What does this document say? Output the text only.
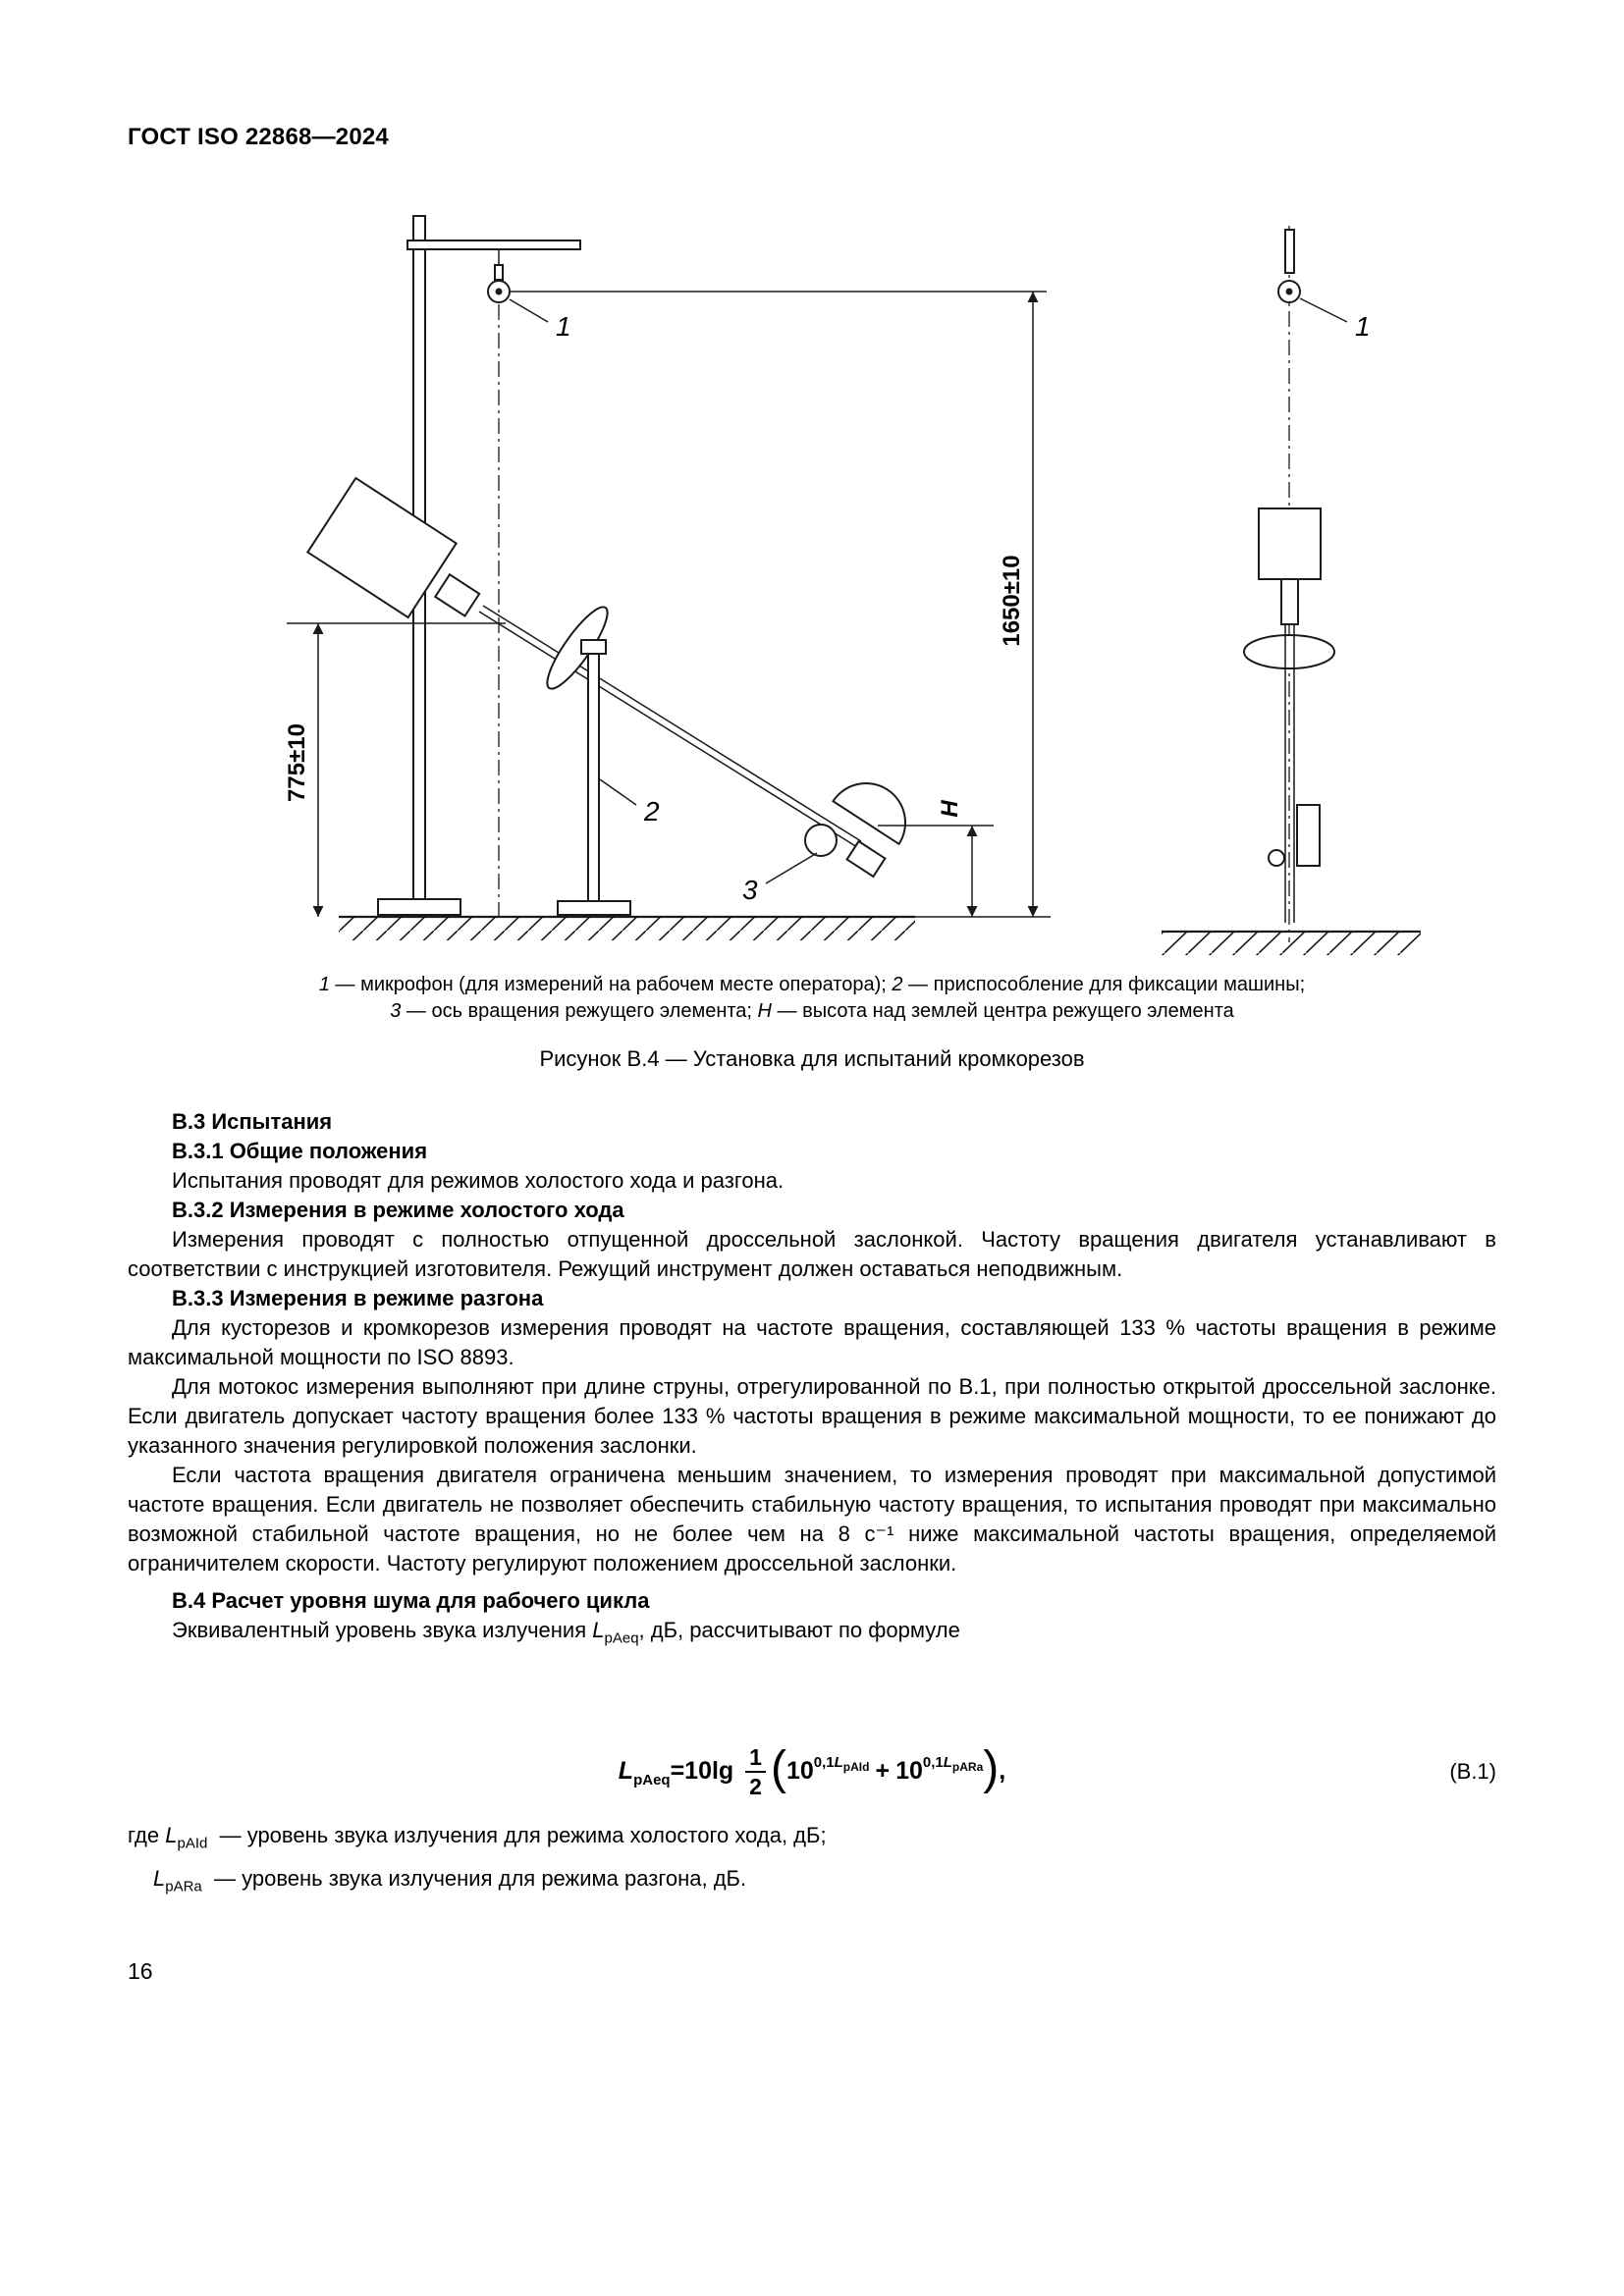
ГОСТ ISO 22868—2024
1
2
3
1650±10
775±10
H
1
1 — микрофон (для измерений на рабочем месте оператора); 2 — приспособление для фиксации машины;
3 — ось вращения режущего элемента; H — высота над землей центра режущего элемента
Рисунок В.4 — Установка для испытаний кромкорезов

В.3 Испытания

В.3.1 Общие положения

Испытания проводят для режимов холостого хода и разгона.

В.3.2 Измерения в режиме холостого хода

Измерения проводят с полностью отпущенной дроссельной заслонкой. Частоту вращения двигателя устанавливают в соответствии с инструкцией изготовителя. Режущий инструмент должен оставаться неподвижным.

В.3.3 Измерения в режиме разгона

Для кусторезов и кромкорезов измерения проводят на частоте вращения, составляющей 133 % частоты вращения в режиме максимальной мощности по ISO 8893.

Для мотокос измерения выполняют при длине струны, отрегулированной по В.1, при полностью открытой дроссельной заслонке. Если двигатель допускает частоту вращения более 133 % частоты вращения в режиме максимальной мощности, то ее понижают до указанного значения регулировкой положения заслонки.

Если частота вращения двигателя ограничена меньшим значением, то измерения проводят при максимальной допустимой частоте вращения. Если двигатель не позволяет обеспечить стабильную частоту вращения, то испытания проводят при максимально возможной стабильной частоте вращения, но не более чем на 8 с⁻¹ ниже максимальной частоты вращения, определяемой ограничителем скорости. Частоту регулируют положением дроссельной заслонки.

В.4 Расчет уровня шума для рабочего цикла

Эквивалентный уровень звука излучения $L_{pAeq}$, дБ, рассчитывают по формуле

$L_{pAeq}=10\lg \frac{1}{2} (10^{0,1L_{pAId}} + 10^{0,1L_{pARa}})$,	(В.1)
где $L_{pAId}$ — уровень звука излучения для режима холостого хода, дБ;
$L_{pARa}$ — уровень звука излучения для режима разгона, дБ.
16
